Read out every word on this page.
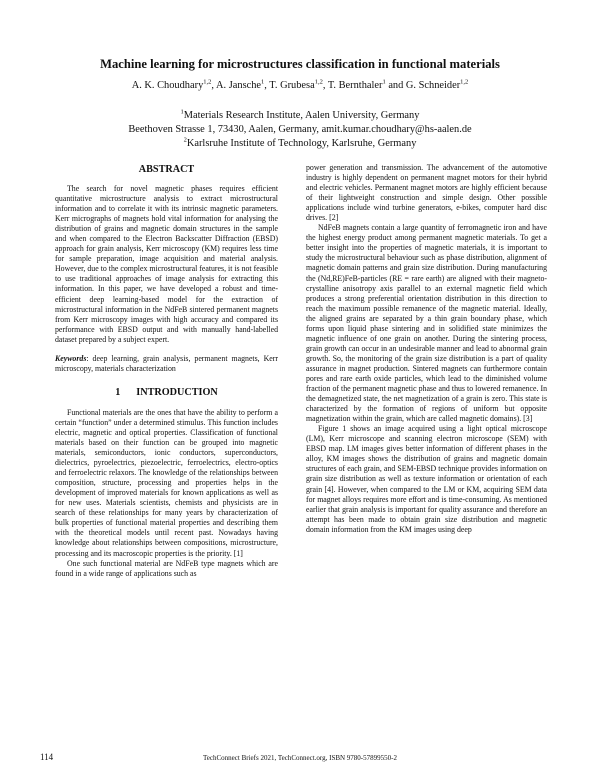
Machine learning for microstructures classification in functional materials
A. K. Choudhary$^{1,2}$, A. Jansche$^1$, T. Grubesa$^{1,2}$, T. Bernthaler$^1$ and G. Schneider$^{1,2}$
$^1$Materials Research Institute, Aalen University, Germany
Beethoven Strasse 1, 73430, Aalen, Germany, amit.kumar.choudhary@hs-aalen.de
$^2$Karlsruhe Institute of Technology, Karlsruhe, Germany
ABSTRACT

The search for novel magnetic phases requires efficient quantitative microstructure analysis to extract microstructural information and to correlate it with its intrinsic magnetic parameters. Kerr micrographs of magnets hold vital information for analysing the distribution of grains and magnetic domain structures in the sample and when compared to the Electron Backscatter Diffraction (EBSD) approach for grain analysis, Kerr microscopy (KM) requires less time for sample preparation, image acquisition and material analysis. However, due to the complex microstructural features, it is not feasible to use traditional approaches of image analysis for extracting this information. In this paper, we have developed a robust and time-efficient deep learning-based model for the extraction of microstructural information in the NdFeB sintered permanent magnets from Kerr microscopy images with high accuracy and compared its performance with EBSD output and with manually hand-labelled dataset prepared by a subject expert.

Keywords: deep learning, grain analysis, permanent magnets, Kerr microscopy, materials characterization

1 INTRODUCTION

Functional materials are the ones that have the ability to perform a certain “function” under a determined stimulus. This function includes electric, magnetic and optical properties. Classification of functional materials based on their function can be grouped into magnetic materials, semiconductors, ionic conductors, superconductors, dielectrics, pyroelectrics, piezoelectric, ferroelectrics, electro-optics and ferroelectric relaxors. The knowledge of the relationships between composition, structure, processing and properties helps in the development of improved materials for known applications as well as for new uses. Materials scientists, chemists and physicists are in search of these relationships for many years by characterization of bulk properties of functional material properties and describing them with the theoretical models until recent past. Nowadays having knowledge about relationships between compositions, microstructure, processing and its macroscopic properties is the priority. [1]

One such functional material are NdFeB type magnets which are found in a wide range of applications such as

power generation and transmission. The advancement of the automotive industry is highly dependent on permanent magnet motors for their hybrid and electric vehicles. Permanent magnet motors are highly efficient because of their lightweight construction and simple design. Other possible applications include wind turbine generators, e-bikes, computer hard disc drives. [2]

NdFeB magnets contain a large quantity of ferromagnetic iron and have the highest energy product among permanent magnetic materials. To get a better insight into the properties of magnetic materials, it is important to study the microstructural behaviour such as phase distribution, alignment of magnetic domain patterns and grain size distribution. During manufacturing the (Nd,RE)FeB-particles (RE = rare earth) are aligned with their magneto-crystalline anisotropy axis parallel to an external magnetic field which produces a strong preferential orientation distribution in this direction to reach the maximum possible remanence of the magnetic material. Ideally, the aligned grains are separated by a thin grain boundary phase, which forms upon liquid phase sintering and in solidified state minimizes the magnetic influence of one grain on another. During the sintering process, grain growth can occur in an undesirable manner and lead to abnormal grain growth. So, the monitoring of the grain size distribution is a part of quality assurance in magnet production. Sintered magnets can furthermore contain pores and rare earth oxide particles, which lead to the diminished volume fraction of the permanent magnetic phase and thus to lowered remanence. In the demagnetized state, the net magnetization of a grain is zero. This state is characterized by the formation of regions of uniform but opposite magnetization within the grain, which are called magnetic domains). [3]

Figure 1 shows an image acquired using a light optical microscope (LM), Kerr microscope and scanning electron microscope (SEM) with EBSD map. LM images gives better information of different phases in the alloy, KM images shows the distribution of grains and magnetic domain structures of each grain, and SEM-EBSD technique provides information on grain size distribution as well as texture information or orientation of each grain [4]. However, when compared to the LM or KM, acquiring SEM data for magnet alloys requires more effort and is time-consuming. As mentioned earlier that grain analysis is important for quality assurance and therefore an attempt has been made to obtain grain size distribution and magnetic domain information from the KM images using deep

114	TechConnect Briefs 2021, TechConnect.org, ISBN 9780-57899550-2
